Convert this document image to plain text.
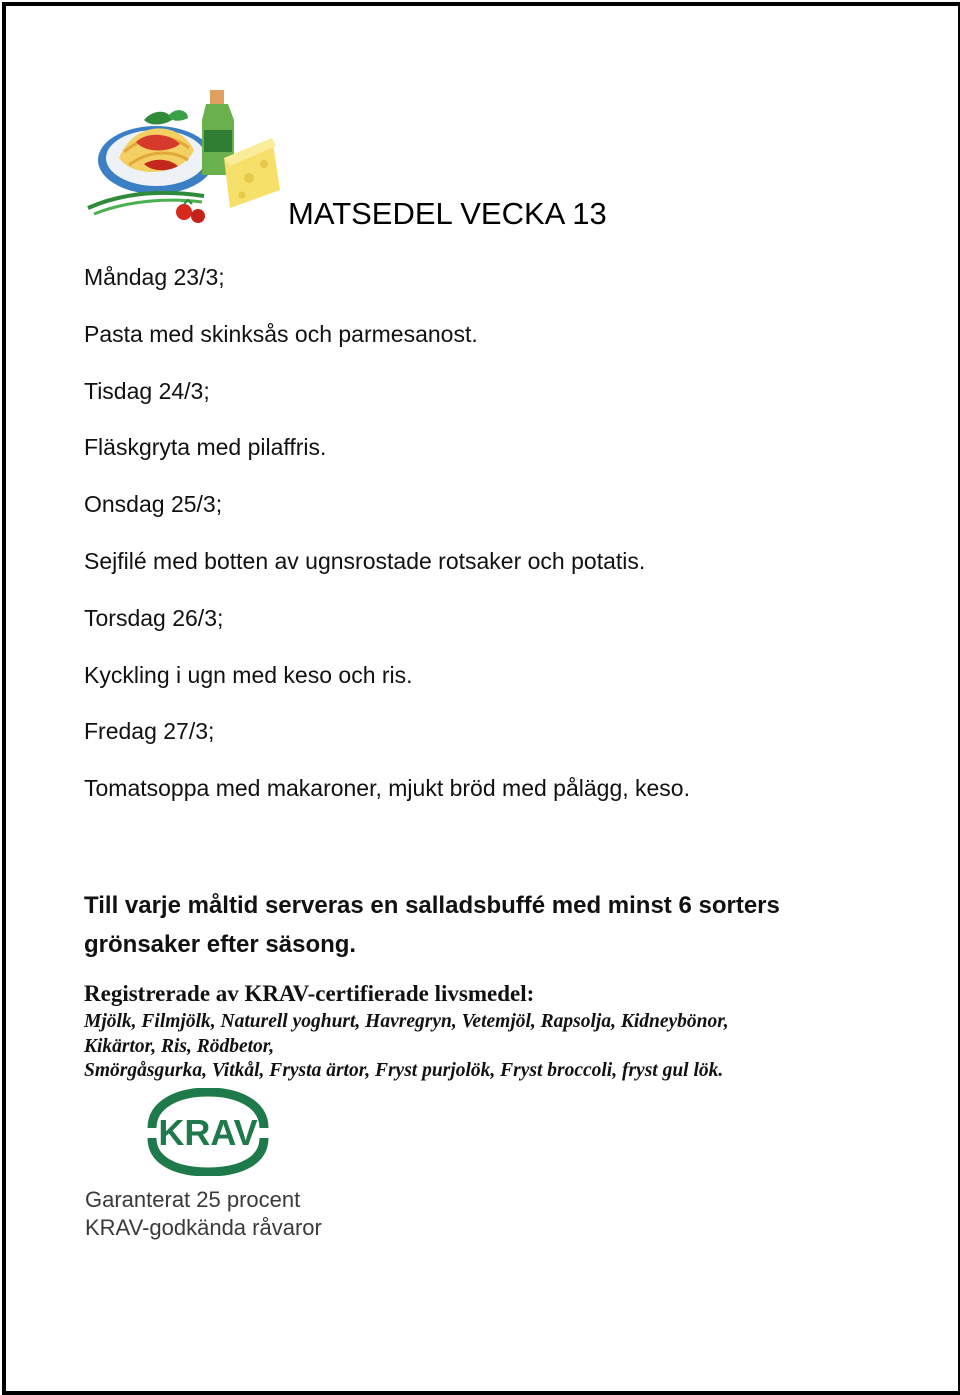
MATSEDEL VECKA 13
Måndag 23/3;
Pasta med skinksås och parmesanost.
Tisdag 24/3;
Fläskgryta med pilaffris.
Onsdag 25/3;
Sejfilé med botten av ugnsrostade rotsaker och potatis.
Torsdag 26/3;
Kyckling i ugn med keso och ris.
Fredag 27/3;
Tomatsoppa med makaroner, mjukt bröd med pålägg, keso.
Till varje måltid serveras en salladsbuffé med minst 6 sorters grönsaker efter säsong.
Registrerade av KRAV-certifierade livsmedel:
Mjölk, Filmjölk, Naturell yoghurt, Havregryn, Vetemjöl, Rapsolja, Kidneybönor,
Kikärtor, Ris, Rödbetor,
Smörgåsgurka, Vitkål, Frysta ärtor, Fryst purjolök, Fryst broccoli, fryst gul lök.
KRAV
Garanterat 25 procent
KRAV-godkända råvaror
